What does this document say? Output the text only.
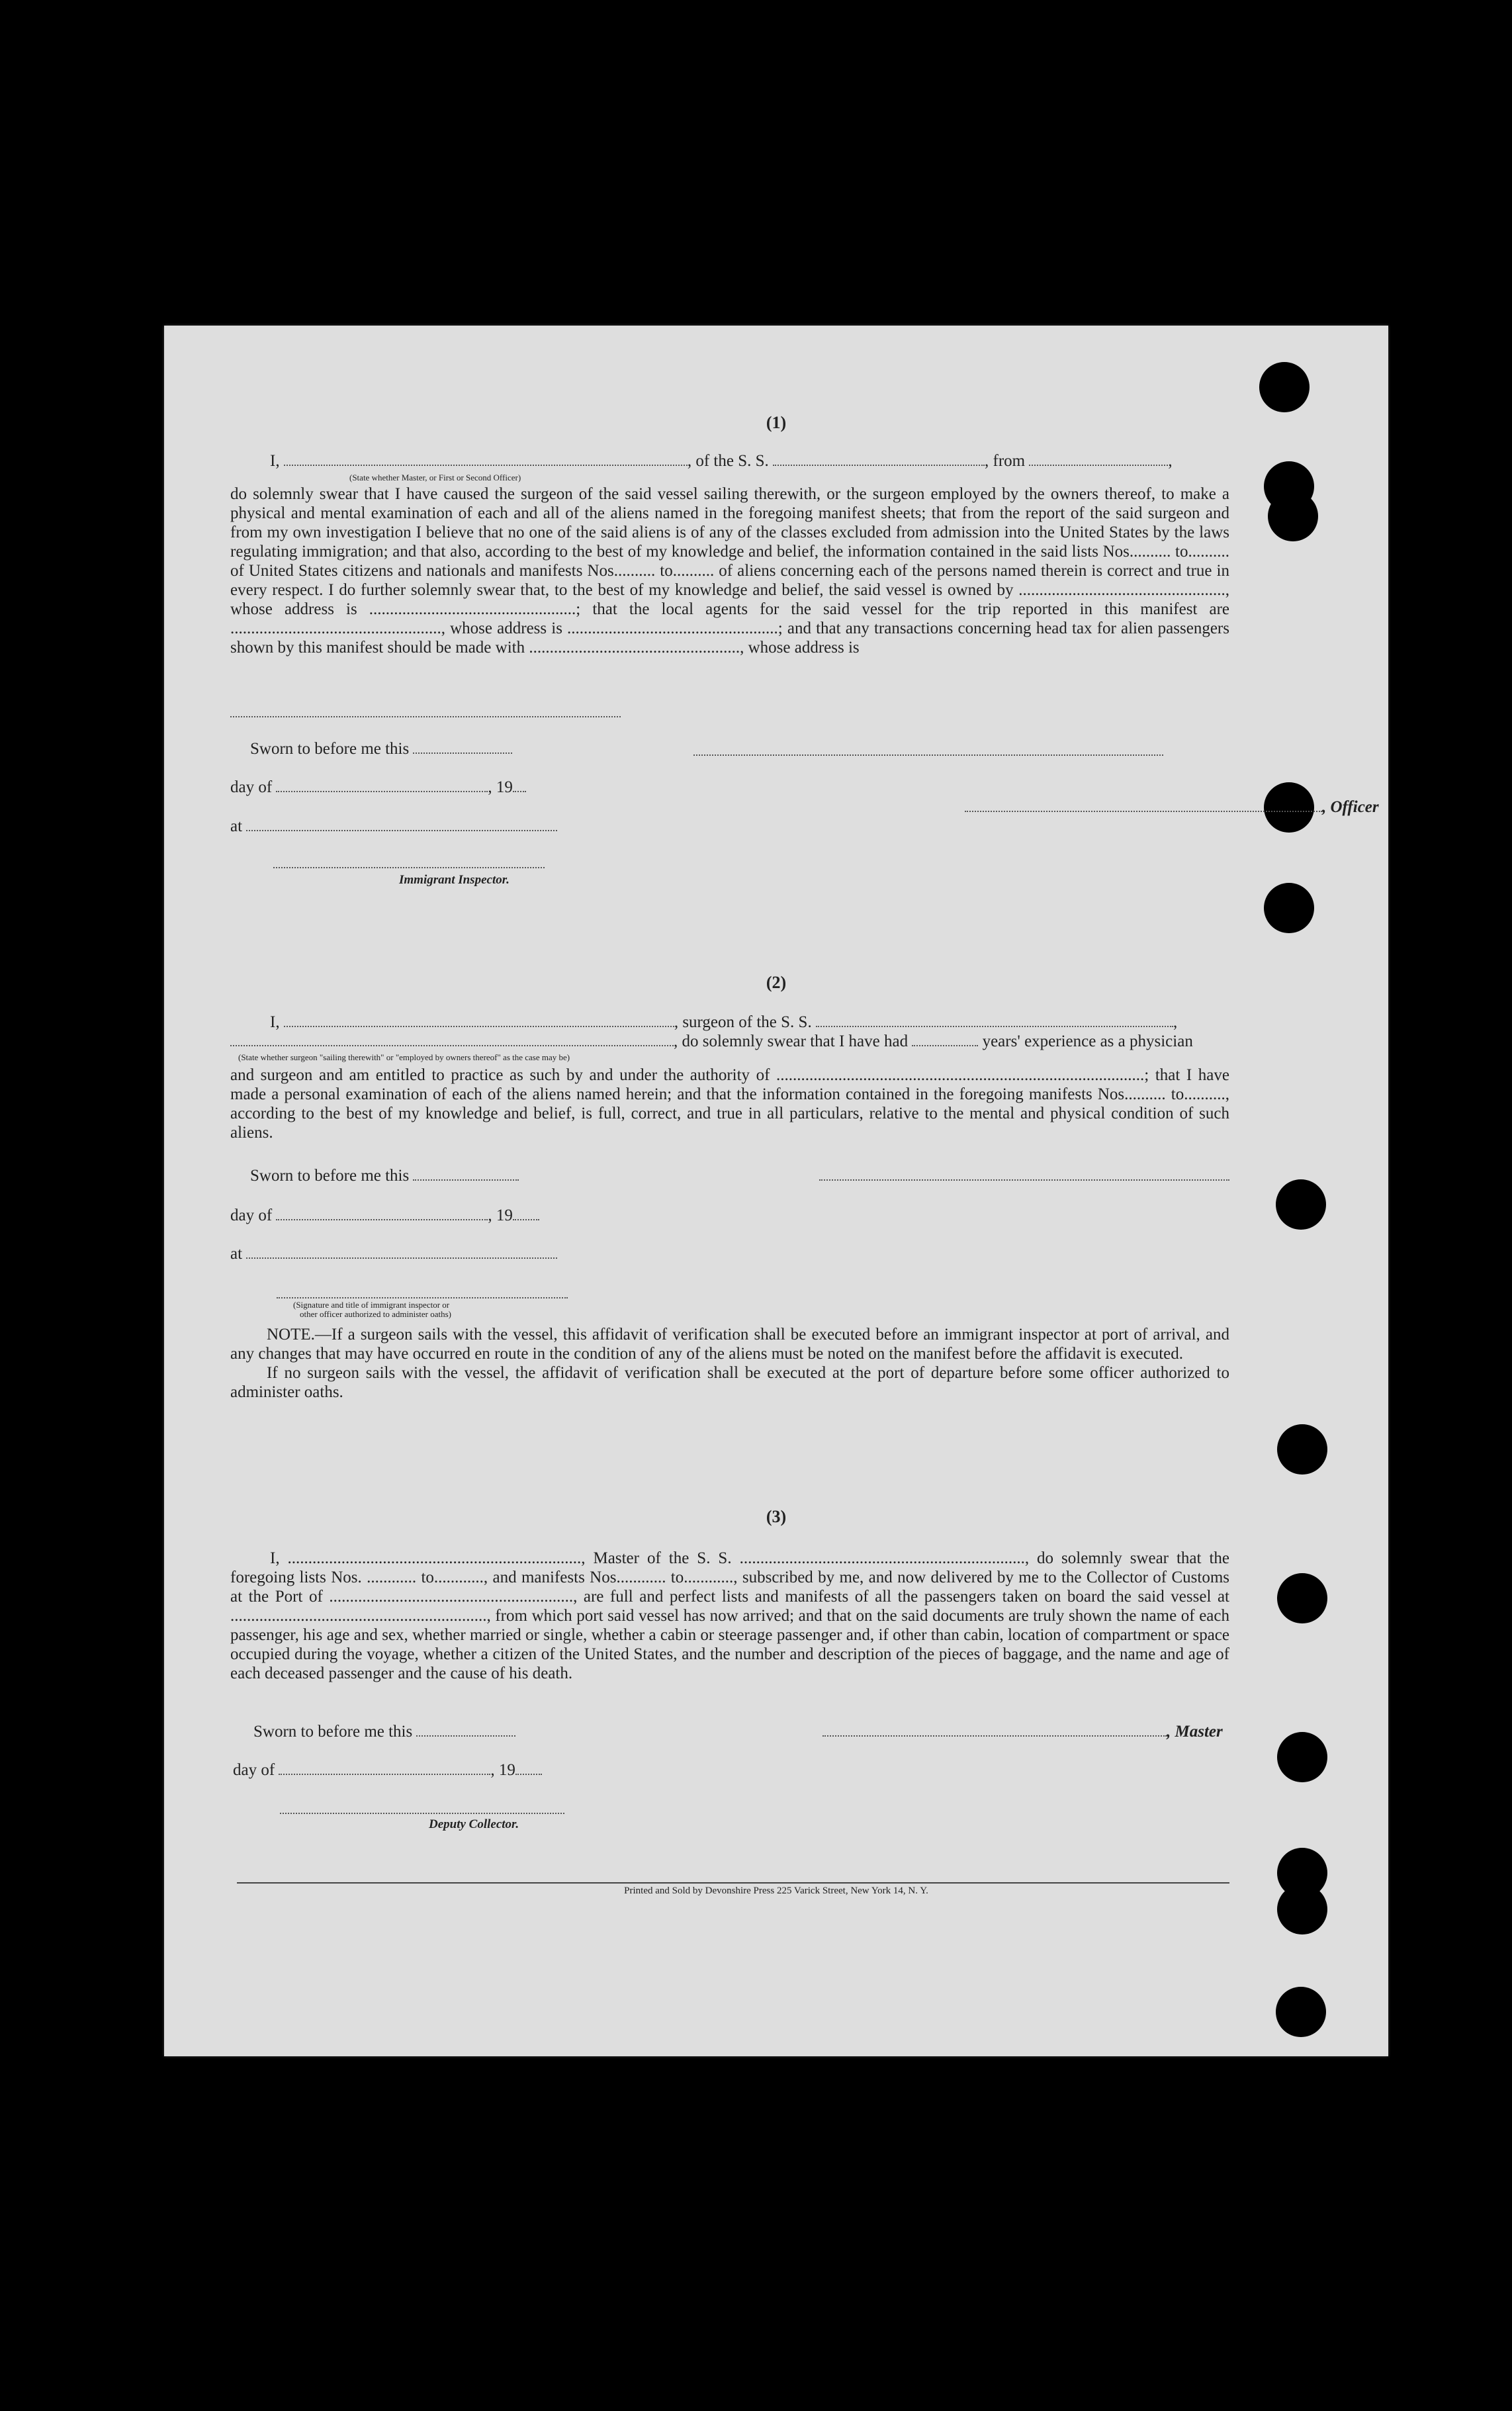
(1)
I,	, of the S. S.	, from	,
(State whether Master, or First or Second Officer)
do solemnly swear that I have caused the surgeon of the said vessel sailing therewith, or the surgeon employed by the owners thereof, to make a physical and mental examination of each and all of the aliens named in the foregoing manifest sheets; that from the report of the said surgeon and from my own investigation I believe that no one of the said aliens is of any of the classes excluded from admission into the United States by the laws regulating immigration; and that also, according to the best of my knowledge and belief, the information contained in the said lists Nos.......... to.......... of United States citizens and nationals and manifests Nos.......... to.......... of aliens concerning each of the persons named therein is correct and true in every respect. I do further solemnly swear that, to the best of my knowledge and belief, the said vessel is owned by .................................................., whose address is ..................................................; that the local agents for the said vessel for the trip reported in this manifest are ..................................................., whose address is ...................................................; and that any transactions concerning head tax for alien passengers shown by this manifest should be made with ..................................................., whose address is
Sworn to before me this
day of	, 19
, Officer
at
Immigrant Inspector.
(2)
I,	, surgeon of the S. S.	,
, do solemnly swear that I have had	years' experience as a physician
(State whether surgeon "sailing therewith" or "employed by owners thereof" as the case may be)
and surgeon and am entitled to practice as such by and under the authority of .........................................................................................; that I have made a personal examination of each of the aliens named herein; and that the information contained in the foregoing manifests Nos.......... to.........., according to the best of my knowledge and belief, is full, correct, and true in all particulars, relative to the mental and physical condition of such aliens.
Sworn to before me this
day of	, 19
at
(Signature and title of immigrant inspector or
other officer authorized to administer oaths)
NOTE.—If a surgeon sails with the vessel, this affidavit of verification shall be executed before an immigrant inspector at port of arrival, and any changes that may have occurred en route in the condition of any of the aliens must be noted on the manifest before the affidavit is executed.
If no surgeon sails with the vessel, the affidavit of verification shall be executed at the port of departure before some officer authorized to administer oaths.
(3)
I, ......................................................................., Master of the S. S. ....................................................................., do solemnly swear that the foregoing lists Nos. ............ to............, and manifests Nos............ to............, subscribed by me, and now delivered by me to the Collector of Customs at the Port of ..........................................................., are full and perfect lists and manifests of all the passengers taken on board the said vessel at .............................................................., from which port said vessel has now arrived; and that on the said documents are truly shown the name of each passenger, his age and sex, whether married or single, whether a cabin or steerage passenger and, if other than cabin, location of compartment or space occupied during the voyage, whether a citizen of the United States, and the number and description of the pieces of baggage, and the name and age of each deceased passenger and the cause of his death.
Sworn to before me this	, Master
day of	, 19
Deputy Collector.
Printed and Sold by Devonshire Press 225 Varick Street, New York 14, N. Y.
